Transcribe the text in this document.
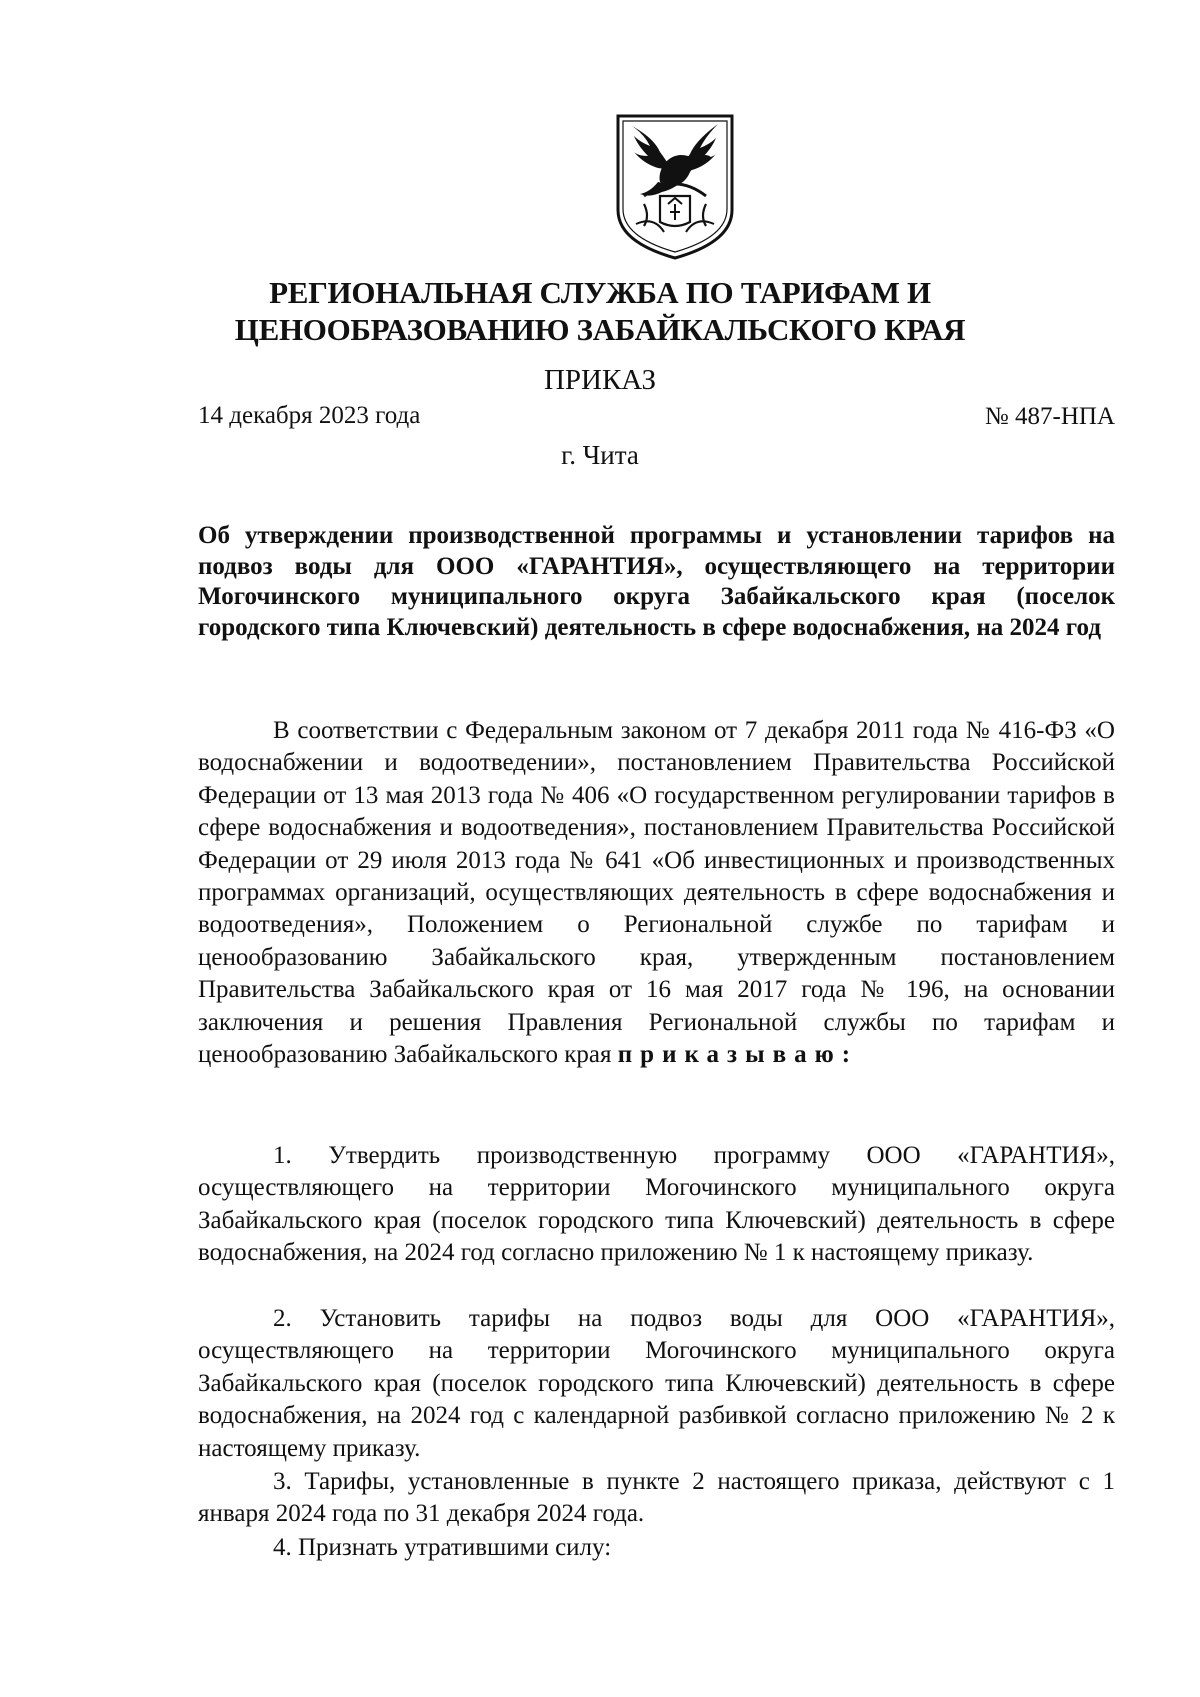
РЕГИОНАЛЬНАЯ СЛУЖБА ПО ТАРИФАМ И
ЦЕНООБРАЗОВАНИЮ ЗАБАЙКАЛЬСКОГО КРАЯ
ПРИКАЗ
14 декабря 2023 года	№ 487-НПА
г. Чита
Об утверждении производственной программы и установлении тарифов на подвоз воды для ООО «ГАРАНТИЯ», осуществляющего на территории Могочинского муниципального округа Забайкальского края (поселок городского типа Ключевский) деятельность в сфере водоснабжения, на 2024 год
В соответствии с Федеральным законом от 7 декабря 2011 года № 416-ФЗ «О водоснабжении и водоотведении», постановлением Правительства Российской Федерации от 13 мая 2013 года № 406 «О государственном регулировании тарифов в сфере водоснабжения и водоотведения», постановлением Правительства Российской Федерации от 29 июля 2013 года № 641 «Об инвестиционных и производственных программах организаций, осуществляющих деятельность в сфере водоснабжения и водоотведения», Положением о Региональной службе по тарифам и ценообразованию Забайкальского края, утвержденным постановлением Правительства Забайкальского края от 16 мая 2017 года № 196, на основании заключения и решения Правления Региональной службы по тарифам и ценообразованию Забайкальского края приказываю:
1. Утвердить производственную программу ООО «ГАРАНТИЯ», осуществляющего на территории Могочинского муниципального округа Забайкальского края (поселок городского типа Ключевский) деятельность в сфере водоснабжения, на 2024 год согласно приложению № 1 к настоящему приказу.
2. Установить тарифы на подвоз воды для ООО «ГАРАНТИЯ», осуществляющего на территории Могочинского муниципального округа Забайкальского края (поселок городского типа Ключевский) деятельность в сфере водоснабжения, на 2024 год с календарной разбивкой согласно приложению № 2 к настоящему приказу.
3. Тарифы, установленные в пункте 2 настоящего приказа, действуют с 1 января 2024 года по 31 декабря 2024 года.
4. Признать утратившими силу:
